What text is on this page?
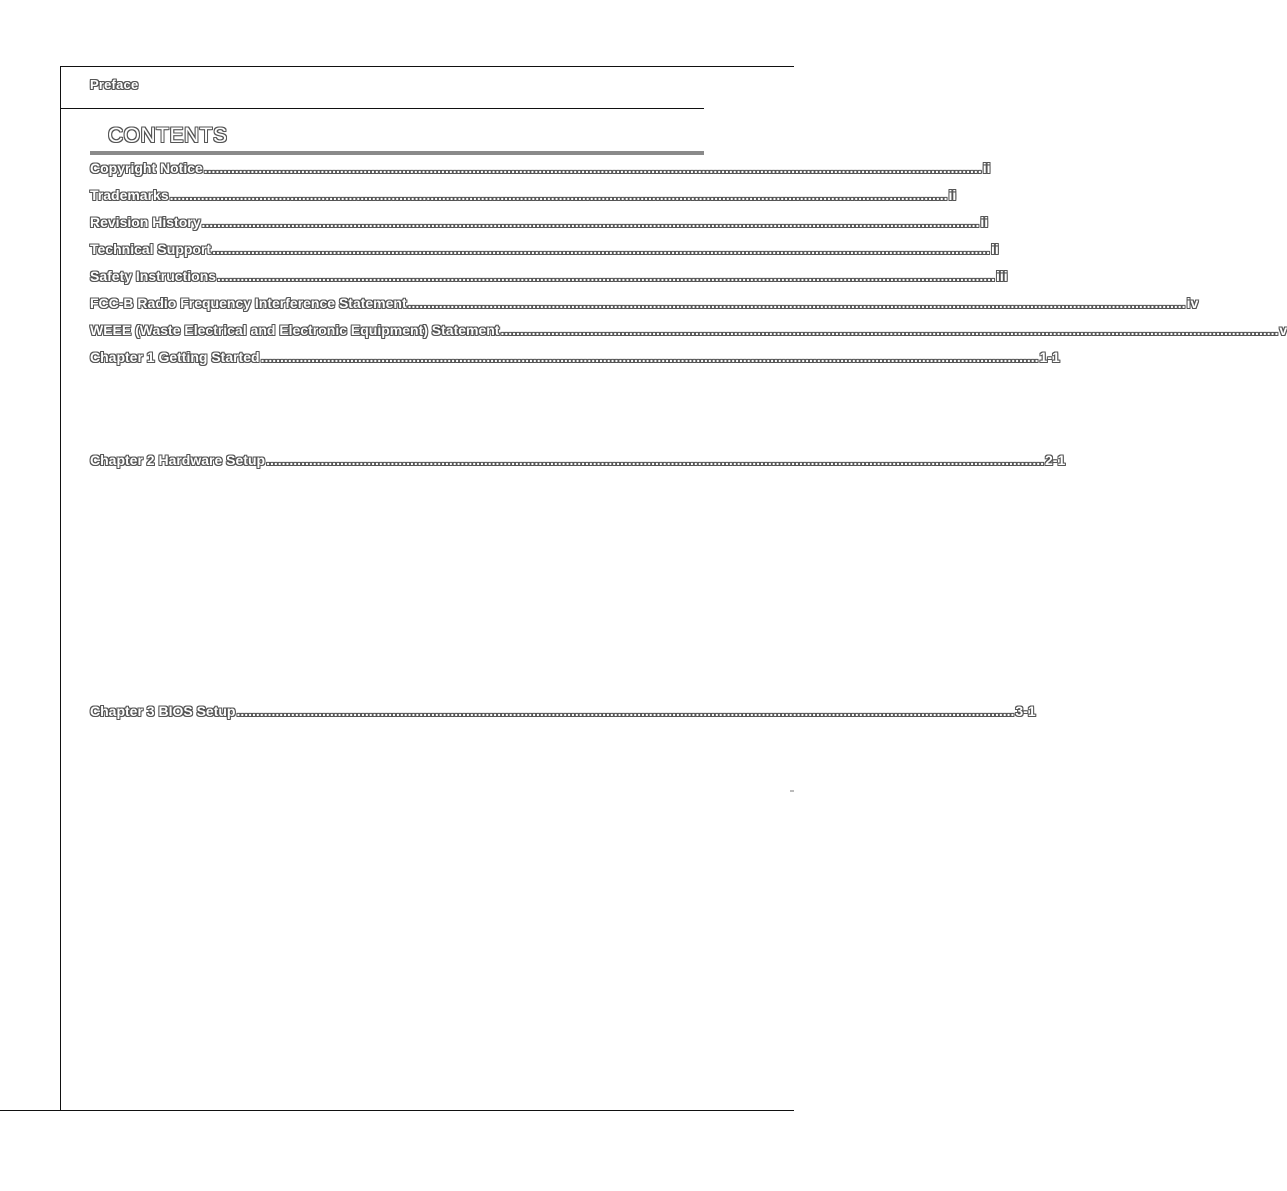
Preface
CONTENTS
Copyright Notice ........................................................................................................................................................................................................ ii
Trademarks ........................................................................................................................................................................................................ ii
Revision History ........................................................................................................................................................................................................ ii
Technical Support ........................................................................................................................................................................................................ ii
Safety Instructions ........................................................................................................................................................................................................ iii
FCC-B Radio Frequency Interference Statement ........................................................................................................................................................................................................ iv
WEEE (Waste Electrical and Electronic Equipment) Statement ........................................................................................................................................................................................................ v
Chapter 1 Getting Started ........................................................................................................................................................................................................ 1-1
Chapter 2 Hardware Setup ........................................................................................................................................................................................................ 2-1
Chapter 3 BIOS Setup ........................................................................................................................................................................................................ 3-1
